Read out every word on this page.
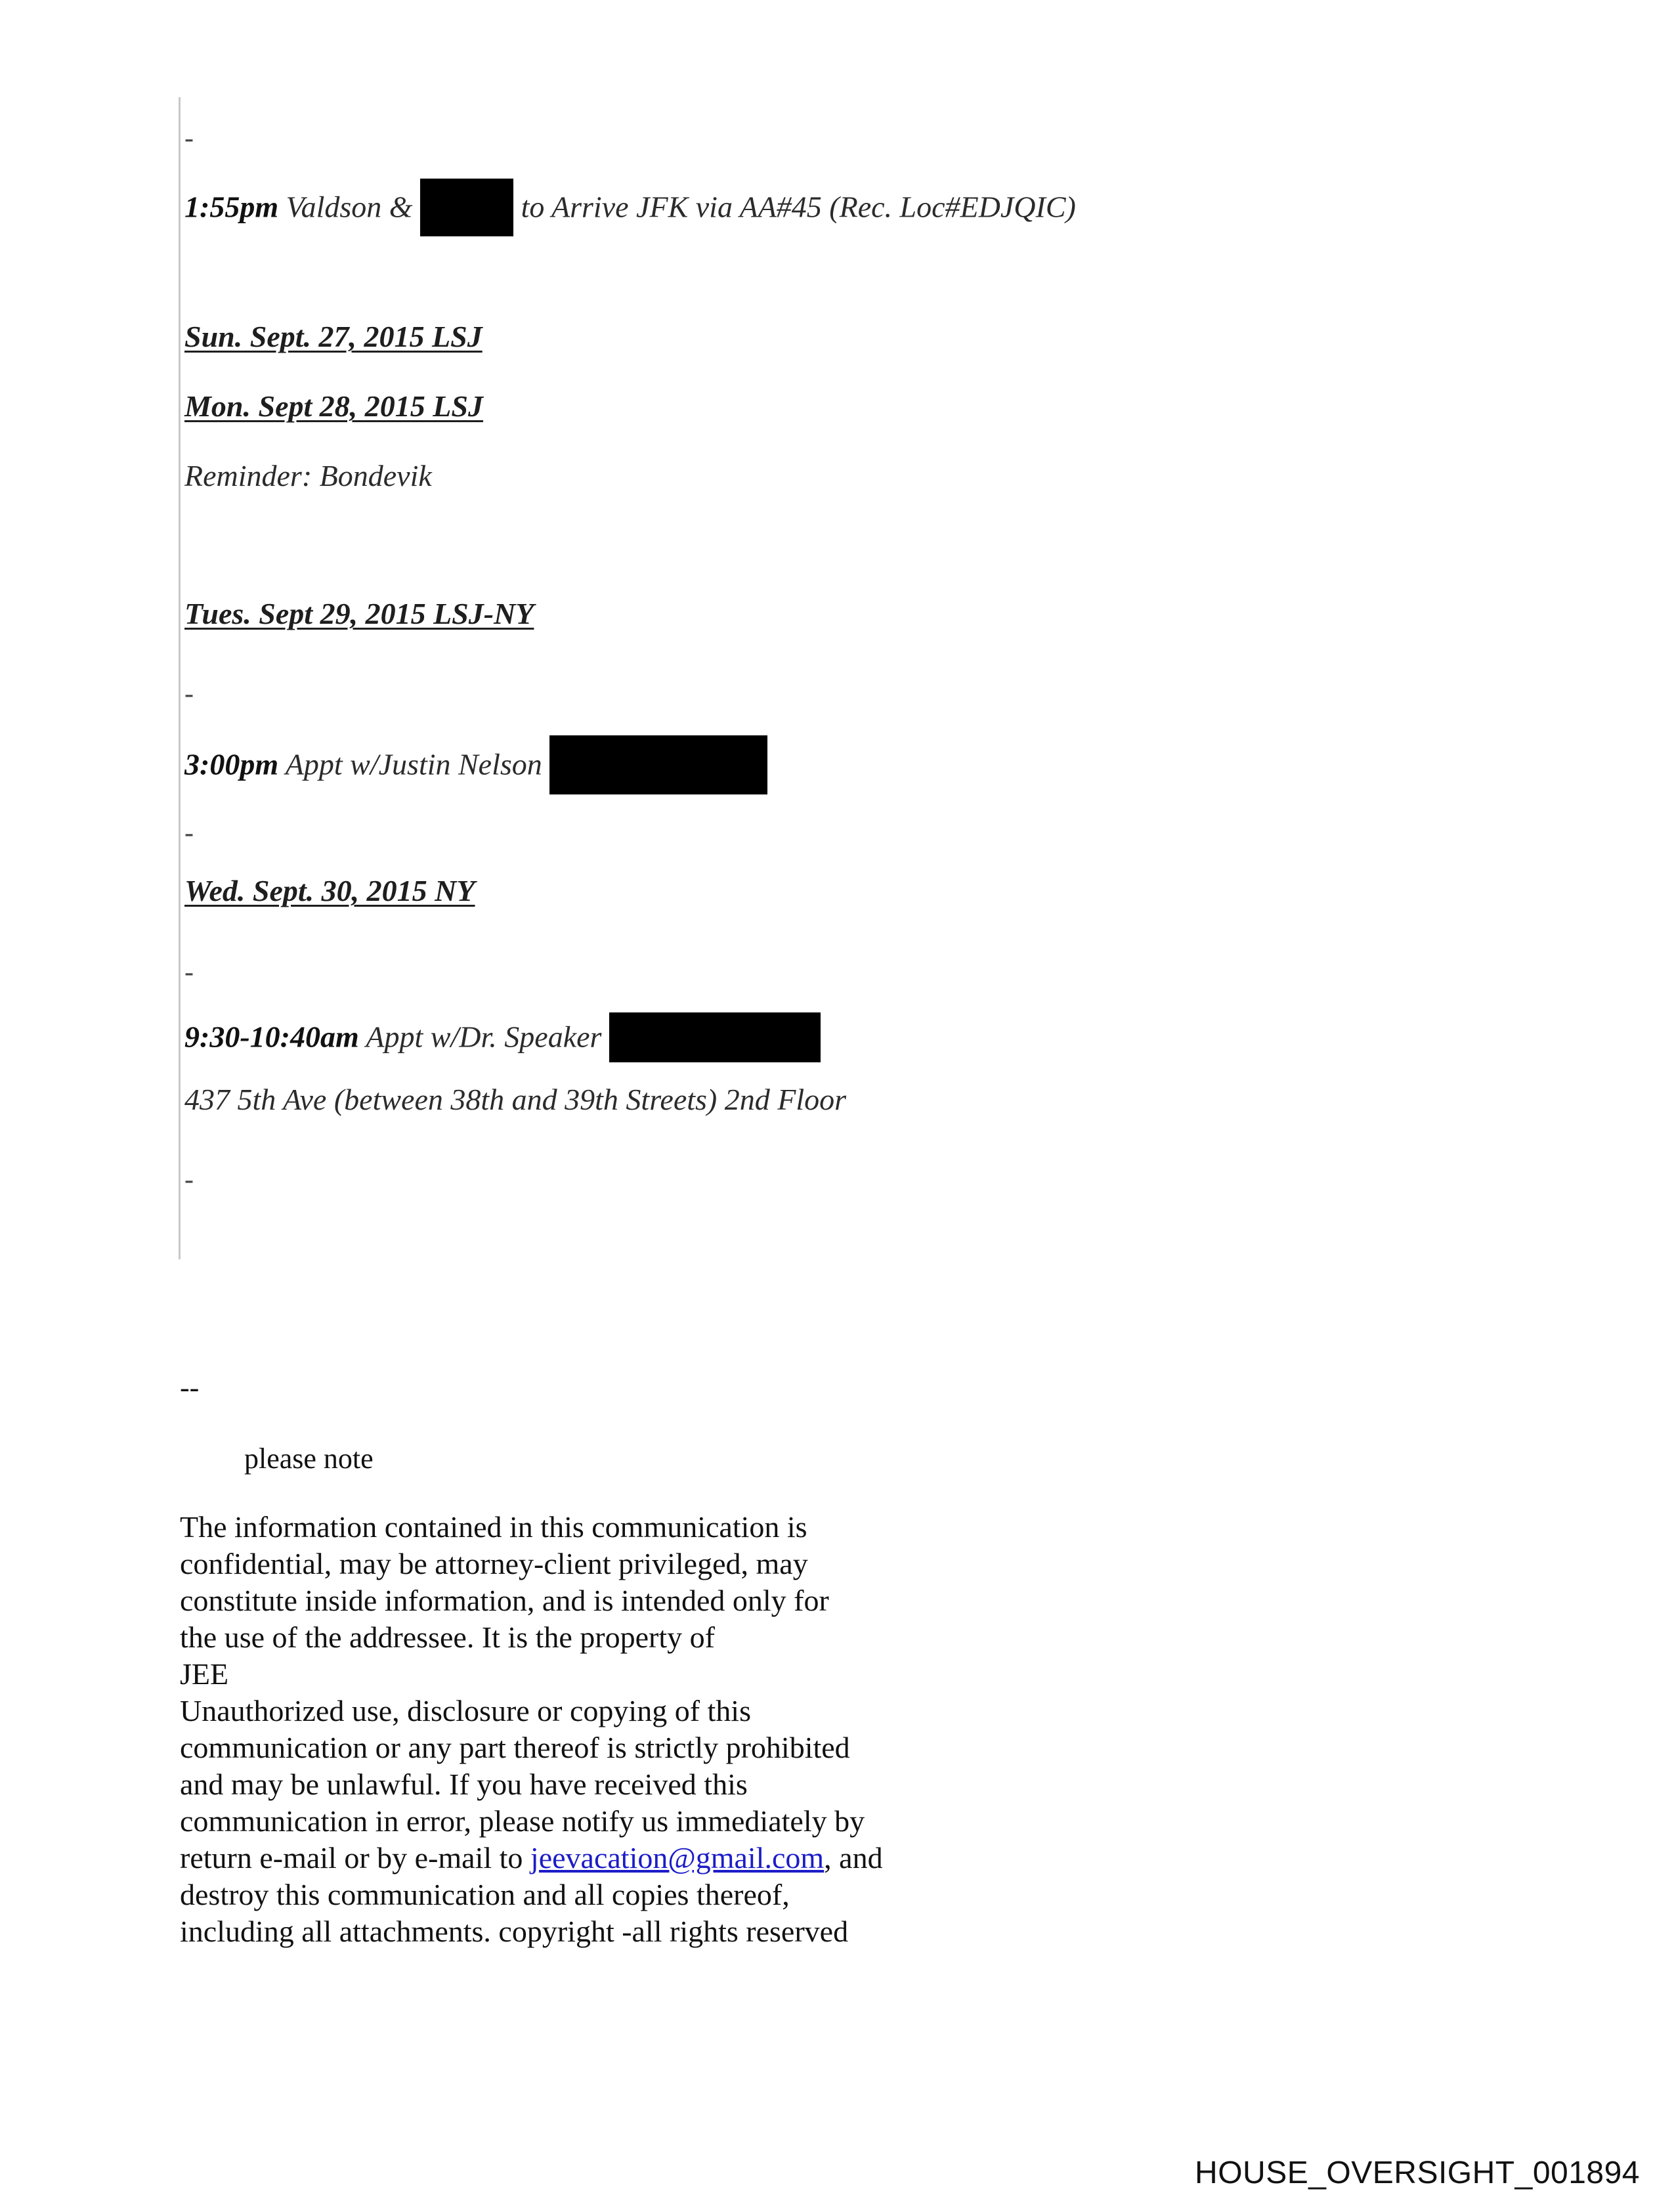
-
1:55pm Valdson &	to Arrive JFK via AA#45 (Rec. Loc#EDJQIC)
Sun. Sept. 27, 2015 LSJ
Mon. Sept 28, 2015 LSJ
Reminder: Bondevik
Tues. Sept 29, 2015 LSJ-NY
-
3:00pm Appt w/Justin Nelson
-
Wed. Sept. 30, 2015 NY
-
9:30-10:40am Appt w/Dr. Speaker
437 5th Ave (between 38th and 39th Streets) 2nd Floor
-
--
please note
The information contained in this communication is
confidential, may be attorney-client privileged, may
constitute inside information, and is intended only for
the use of the addressee. It is the property of
JEE
Unauthorized use, disclosure or copying of this
communication or any part thereof is strictly prohibited
and may be unlawful. If you have received this
communication in error, please notify us immediately by
return e-mail or by e-mail to jeevacation@gmail.com, and
destroy this communication and all copies thereof,
including all attachments. copyright -all rights reserved
HOUSE_OVERSIGHT_001894
